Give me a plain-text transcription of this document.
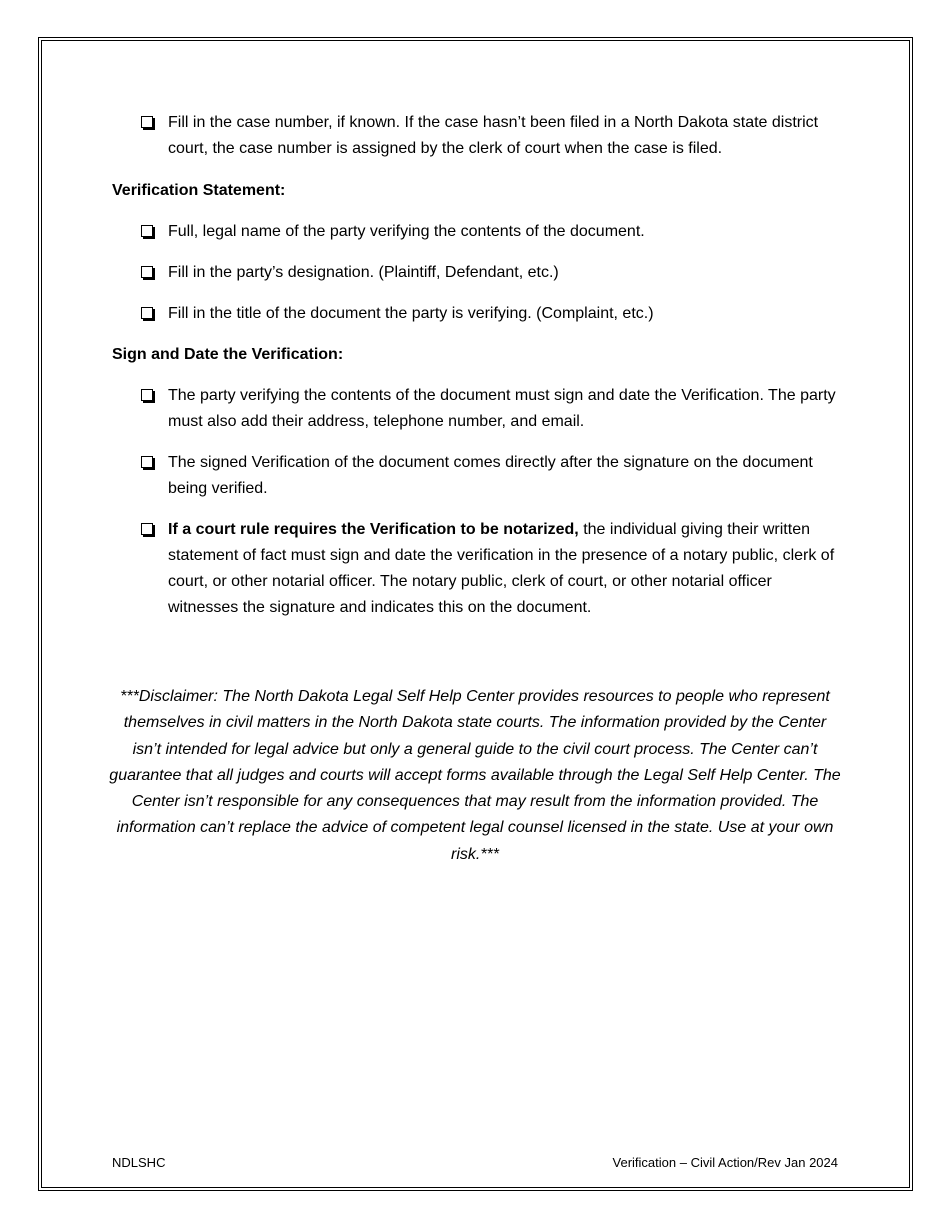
Fill in the case number, if known. If the case hasn’t been filed in a North Dakota state district court, the case number is assigned by the clerk of court when the case is filed.
Verification Statement:
Full, legal name of the party verifying the contents of the document.
Fill in the party’s designation. (Plaintiff, Defendant, etc.)
Fill in the title of the document the party is verifying. (Complaint, etc.)
Sign and Date the Verification:
The party verifying the contents of the document must sign and date the Verification. The party must also add their address, telephone number, and email.
The signed Verification of the document comes directly after the signature on the document being verified.
If a court rule requires the Verification to be notarized, the individual giving their written statement of fact must sign and date the verification in the presence of a notary public, clerk of court, or other notarial officer. The notary public, clerk of court, or other notarial officer witnesses the signature and indicates this on the document.
***Disclaimer: The North Dakota Legal Self Help Center provides resources to people who represent themselves in civil matters in the North Dakota state courts. The information provided by the Center isn’t intended for legal advice but only a general guide to the civil court process. The Center can’t guarantee that all judges and courts will accept forms available through the Legal Self Help Center. The Center isn’t responsible for any consequences that may result from the information provided. The information can’t replace the advice of competent legal counsel licensed in the state. Use at your own risk.***
NDLSHC	Verification – Civil Action/Rev Jan 2024
